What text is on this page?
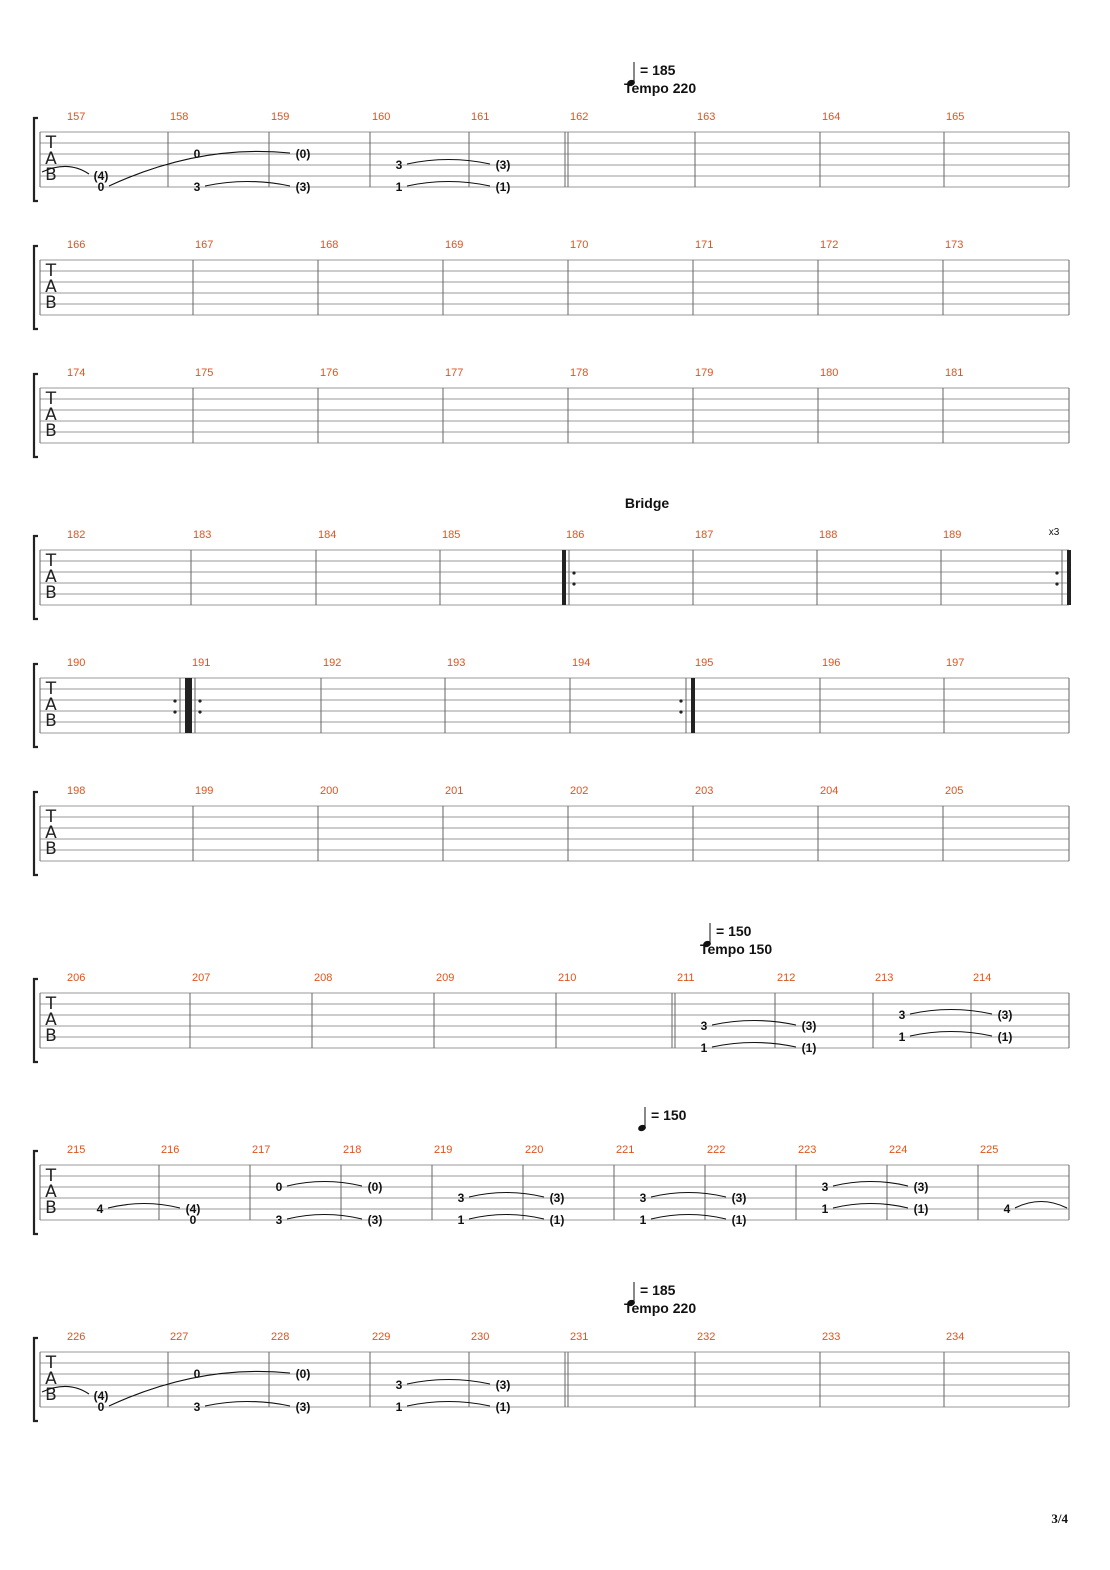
3/4
T
A
B
157	158	159	160	161	162	163	164	165
= 185
Tempo 220
(4)
0
0
3
(0)
(3)
3
1
(3)
(1)
T
A
B
166	167	168	169	170	171	172	173
T
A
B
174	175	176	177	178	179	180	181
T
A
B
182	183	184	185	186	187	188	189
Bridge
x3
T
A
B
190	191	192	193	194	195	196	197
T
A
B
198	199	200	201	202	203	204	205
T
A
B
206	207	208	209	210	211	212	213	214
= 150
Tempo 150
3
1
(3)
(1)
3
1
(3)
(1)
T
A
B
215	216	217	218	219	220	221	222	223	224	225
= 150
4	(4)
0
0
3
(0)
(3)
3
1
(3)
(1)
3
1
(3)
(1)
3
1
(3)
(1)	4
T
A
B
226	227	228	229	230	231	232	233	234
= 185
Tempo 220
(4)
0
0
3
(0)
(3)
3
1
(3)
(1)
